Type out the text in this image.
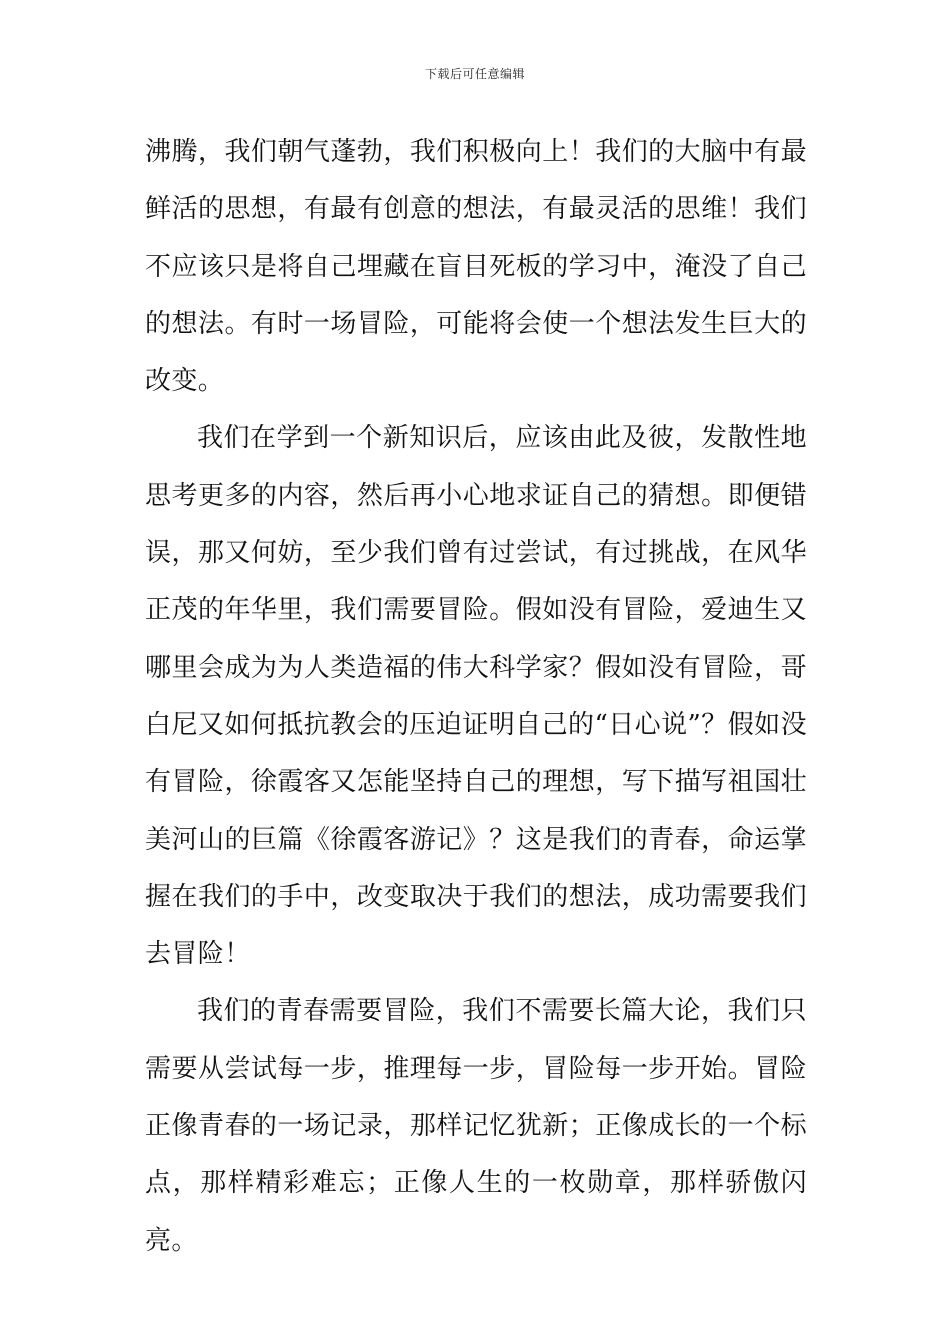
下载后可任意编辑

沸腾，我们朝气蓬勃，我们积极向上！我们的大脑中有最鲜活的思想，有最有创意的想法，有最灵活的思维！我们不应该只是将自己埋藏在盲目死板的学习中，淹没了自己的想法。有时一场冒险，可能将会使一个想法发生巨大的改变。

我们在学到一个新知识后，应该由此及彼，发散性地思考更多的内容，然后再小心地求证自己的猜想。即便错误，那又何妨，至少我们曾有过尝试，有过挑战，在风华正茂的年华里，我们需要冒险。假如没有冒险，爱迪生又哪里会成为为人类造福的伟大科学家？假如没有冒险，哥白尼又如何抵抗教会的压迫证明自己的“日心说”？假如没有冒险，徐霞客又怎能坚持自己的理想，写下描写祖国壮美河山的巨篇《徐霞客游记》？这是我们的青春，命运掌握在我们的手中，改变取决于我们的想法，成功需要我们去冒险！

我们的青春需要冒险，我们不需要长篇大论，我们只需要从尝试每一步，推理每一步，冒险每一步开始。冒险正像青春的一场记录，那样记忆犹新；正像成长的一个标点，那样精彩难忘；正像人生的一枚勋章，那样骄傲闪亮。
